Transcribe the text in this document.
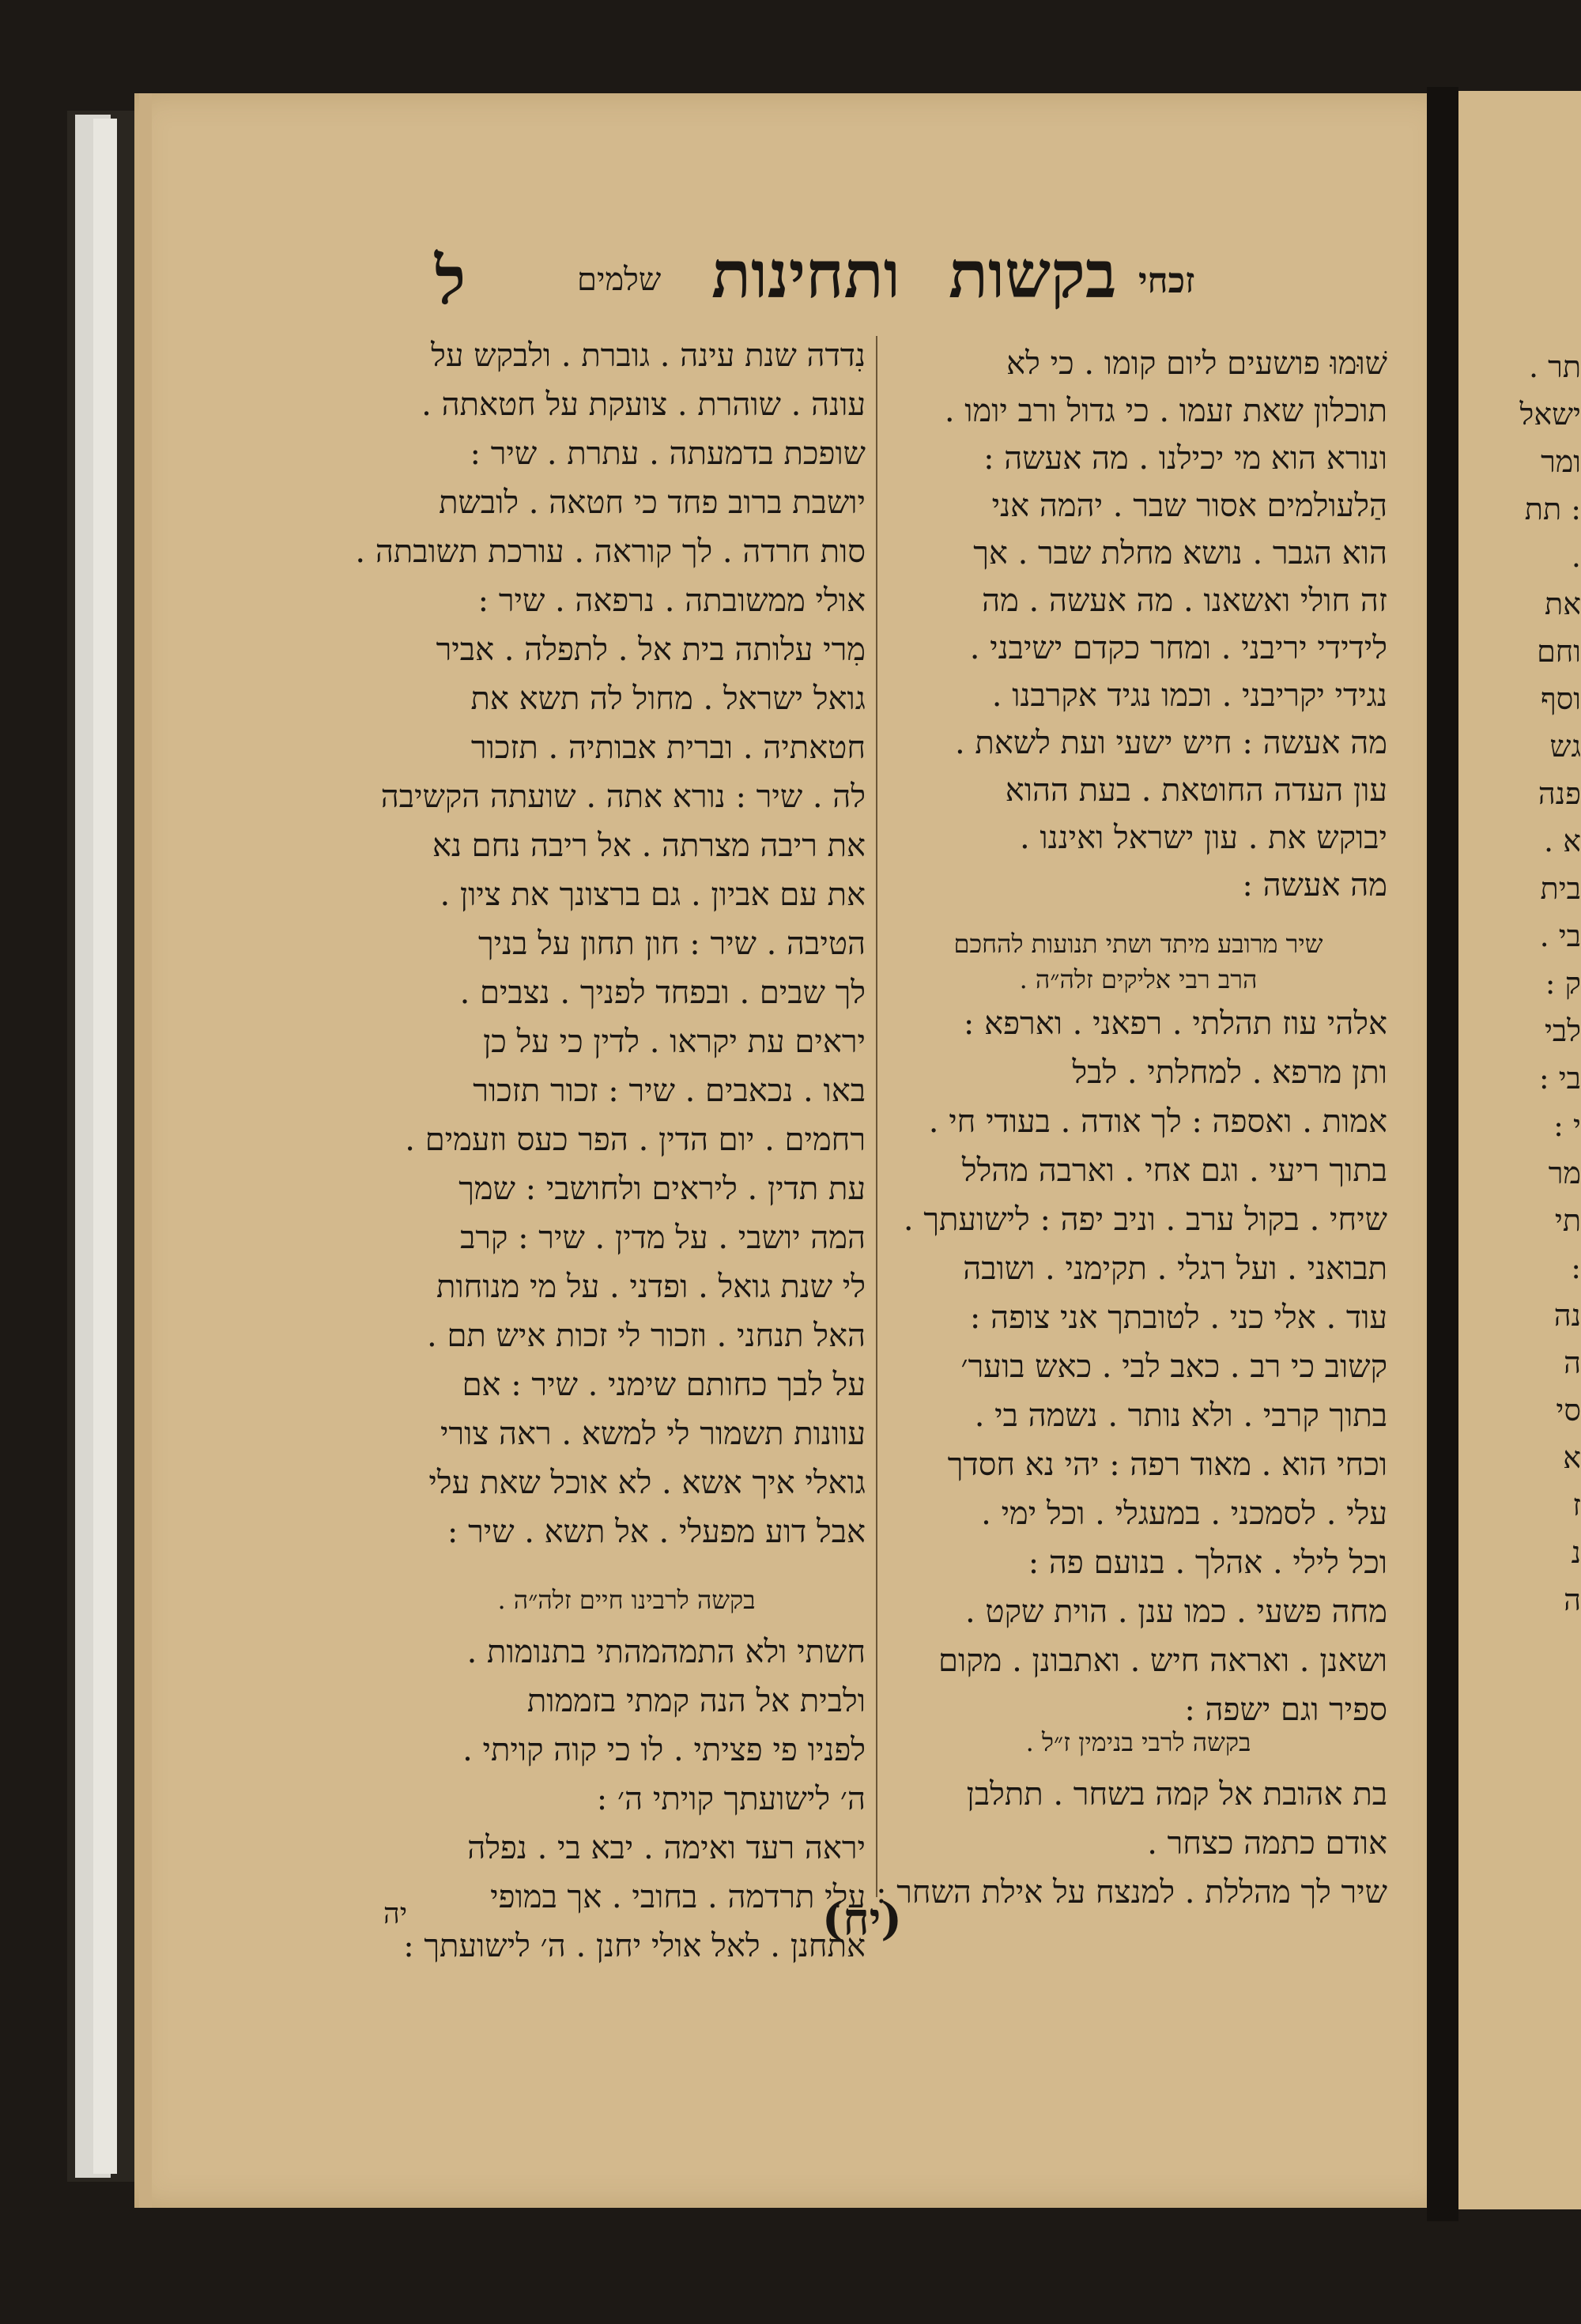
תר .
ישאל
ומר
: תת
.
את
וחם
וסף
גש
פנה
א .
בית
בי .
ק :
לבי
בי :
י :
מר
תי
:
נה
ה
סי
א
ז
נ
ה
זכחי
בקשות
ותחינות
שלמים
ל
שׁוּמוּ פושעים ליום קומו . כי לא
תוכלון שאת זעמו . כי גדול ורב יומו .
ונורא הוא מי יכילנו . מה אעשה :
הַלעולמים אסור שבר . יהמה אני
הוא הגבר . נושא מחלת שבר . אך
זה חולי ואשאנו . מה אעשה . מה
לידידי יריבני . ומחר כקדם ישיבני .
נגידי יקריבני . וכמו נגיד אקרבנו .
מה אעשה : חיש ישעי ועת לשאת .
עון העדה החוטאת . בעת ההוא
יבוקש את . עון ישראל ואיננו .
מה אעשה :
שיר מרובע מיתד ושתי תנועות להחכם
הרב רבי אליקים זלה״ה .
אלהי עוז תהלתי . רפאני . וארפא :
ותן מרפא . למחלתי . לבל
אמות . ואספה : לך אודה . בעודי חי .
בתוך ריעי . וגם אחי . וארבה מהלל
שיחי . בקול ערב . וניב יפה : לישועתך .
תבואני . ועל רגלי . תקימני . ושובה
עוד . אלי כני . לטובתך אני צופה :
קשוב כי רב . כאב לבי . כאש בוער׳
בתוך קרבי . ולא נותר . נשמה בי .
וכחי הוא . מאוד רפה : יהי נא חסדך
עלי . לסמכני . במעגלי . וכל ימי .
וכל לילי . אהלך . בנועם פה :
מחה פשעי . כמו ענן . הוית שקט .
ושאנן . ואראה חיש . ואתבונן . מקום
ספיר וגם ישפה :
בקשה לרבי בנימין ז״ל .
בת אהובת אל קמה בשחר . תתלבן
אודם כתמה כצחר .
שיר לך מהללת . למנצח על אילת השחר :
נִדדה שנת עינה . גוברת . ולבקש על
עונה . שוהרת . צועקת על חטאתה .
שופכת בדמעתה . עתרת . שיר :
יושבת ברוב פחד כי חטאה . לובשת
סות חרדה . לך קוראה . עורכת תשובתה .
אולי ממשובתה . נרפאה . שיר :
מִרי עלותה בית אל . לתפלה . אביר
גואל ישראל . מחול לה תשא את
חטאתיה . וברית אבותיה . תזכור
לה . שיר : נורא אתה . שועתה הקשיבה
את ריבה מצרתה . אל ריבה נחם נא
את עם אביון . גם ברצונך את ציון .
הטיבה . שיר : חון תחון על בניך
לך שבים . ובפחד לפניך . נצבים .
יראים עת יקראו . לדין כי על כן
באו . נכאבים . שיר : זכור תזכור
רחמים . יום הדין . הפר כעס וזעמים .
עת תדין . ליראים ולחושבי : שמך
המה יושבי . על מדין . שיר : קרב
לי שנת גואל . ופדני . על מי מנוחות
האל תנחני . וזכור לי זכות איש תם .
על לבך כחותם שימני . שיר : אם
עוונות תשמור לי למשא . ראה צורי
גואלי איך אשא . לא אוכל שאת עלי
אבל דוע מפעלי . אל תשא . שיר :
בקשה לרבינו חיים זלה״ה .
חשתי ולא התמהמהתי בתנומות .
ולבית אל הנה קמתי בזממות
לפניו פי פציתי . לו כי קוה קויתי .
ה׳ לישועתך קויתי ה׳ :
יראה רעד ואימה . יבא בי . נפלה
עלי תרדמה . בחובי . אך במופי
אתחנן . לאל אולי יחנן . ה׳ לישועתך :
(יח)
יה
